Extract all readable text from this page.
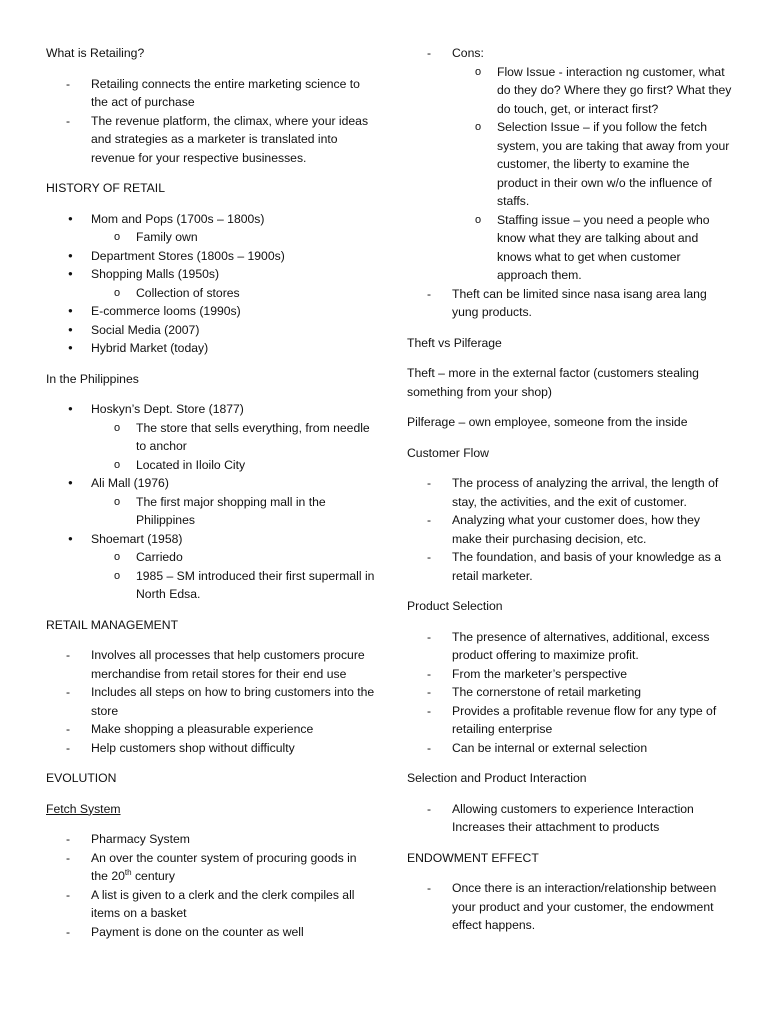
What is Retailing?
- Retailing connects the entire marketing science to the act of purchase
- The revenue platform, the climax, where your ideas and strategies as a marketer is translated into revenue for your respective businesses.
HISTORY OF RETAIL
● Mom and Pops (1700s – 1800s)
o Family own
● Department Stores (1800s – 1900s)
● Shopping Malls (1950s)
o Collection of stores
● E-commerce looms (1990s)
● Social Media (2007)
● Hybrid Market (today)
In the Philippines
● Hoskyn’s Dept. Store (1877)
o The store that sells everything, from needle to anchor
o Located in Iloilo City
● Ali Mall (1976)
o The first major shopping mall in the Philippines
● Shoemart (1958)
o Carriedo
o 1985 – SM introduced their first supermall in North Edsa.
RETAIL MANAGEMENT
- Involves all processes that help customers procure merchandise from retail stores for their end use
- Includes all steps on how to bring customers into the store
- Make shopping a pleasurable experience
- Help customers shop without difficulty
EVOLUTION
Fetch System
- Pharmacy System
- An over the counter system of procuring goods in the 20th century
- A list is given to a clerk and the clerk compiles all items on a basket
- Payment is done on the counter as well
- Cons:
o Flow Issue - interaction ng customer, what do they do? Where they go first? What they do touch, get, or interact first?
o Selection Issue – if you follow the fetch system, you are taking that away from your customer, the liberty to examine the product in their own w/o the influence of staffs.
o Staffing issue – you need a people who know what they are talking about and knows what to get when customer approach them.
- Theft can be limited since nasa isang area lang yung products.
Theft vs Pilferage
Theft – more in the external factor (customers stealing something from your shop)
Pilferage – own employee, someone from the inside
Customer Flow
- The process of analyzing the arrival, the length of stay, the activities, and the exit of customer.
- Analyzing what your customer does, how they make their purchasing decision, etc.
- The foundation, and basis of your knowledge as a retail marketer.
Product Selection
- The presence of alternatives, additional, excess product offering to maximize profit.
- From the marketer’s perspective
- The cornerstone of retail marketing
- Provides a profitable revenue flow for any type of retailing enterprise
- Can be internal or external selection
Selection and Product Interaction
- Allowing customers to experience Interaction Increases their attachment to products
ENDOWMENT EFFECT
- Once there is an interaction/relationship between your product and your customer, the endowment effect happens.
